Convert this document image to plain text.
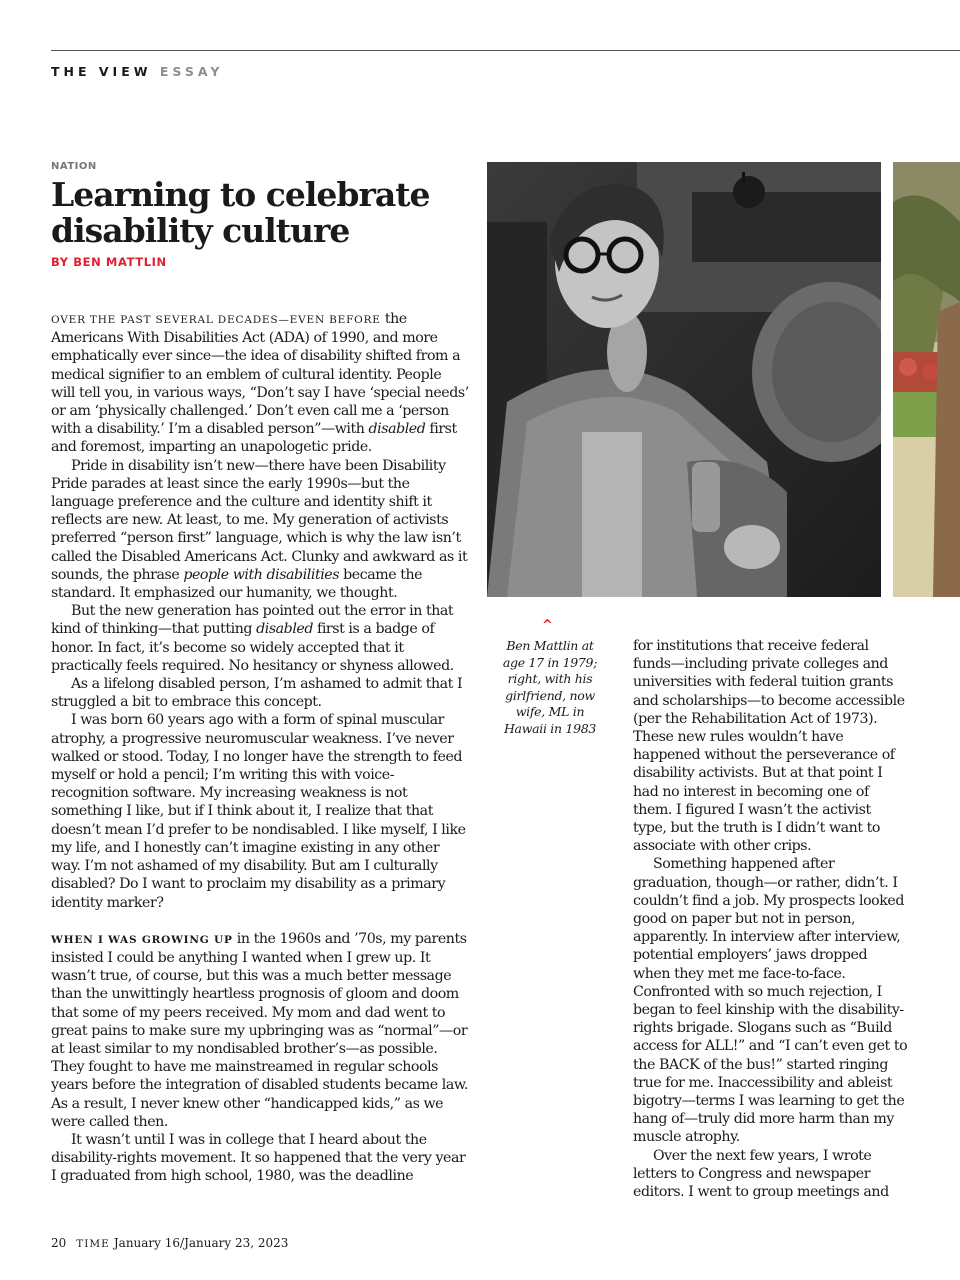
THE VIEW ESSAY
NATION
Learning to celebrate disability culture
BY BEN MATTLIN

OVER THE PAST SEVERAL DECADES—EVEN BEFORE the Americans With Disabilities Act (ADA) of 1990, and more emphatically ever since—the idea of disability shifted from a medical signifier to an emblem of cultural identity. People will tell you, in various ways, “Don’t say I have ‘special needs’ or am ‘physically challenged.’ Don’t even call me a ‘person with a disability.’ I’m a disabled person”—with disabled first and foremost, imparting an unapologetic pride.

Pride in disability isn’t new—there have been Disability Pride parades at least since the early 1990s—but the language preference and the culture and identity shift it reflects are new. At least, to me. My generation of activists preferred “person first” language, which is why the law isn’t called the Disabled Americans Act. Clunky and awkward as it sounds, the phrase people with disabilities became the standard. It emphasized our humanity, we thought.

But the new generation has pointed out the error in that kind of thinking—that putting disabled first is a badge of honor. In fact, it’s become so widely accepted that it practically feels required. No hesitancy or shyness allowed.

As a lifelong disabled person, I’m ashamed to admit that I struggled a bit to embrace this concept.

I was born 60 years ago with a form of spinal muscular atrophy, a progressive neuromuscular weakness. I’ve never walked or stood. Today, I no longer have the strength to feed myself or hold a pencil; I’m writing this with voice-recognition software. My increasing weakness is not something I like, but if I think about it, I realize that that doesn’t mean I’d prefer to be nondisabled. I like myself, I like my life, and I honestly can’t imagine existing in any other way. I’m not ashamed of my disability. But am I culturally disabled? Do I want to proclaim my disability as a primary identity marker?

WHEN I WAS GROWING UP in the 1960s and ’70s, my parents insisted I could be anything I wanted when I grew up. It wasn’t true, of course, but this was a much better message than the unwittingly heartless prognosis of gloom and doom that some of my peers received. My mom and dad went to great pains to make sure my upbringing was as “normal”—or at least similar to my nondisabled brother’s—as possible. They fought to have me mainstreamed in regular schools years before the integration of disabled students became law. As a result, I never knew other “handicapped kids,” as we were called then.

It wasn’t until I was in college that I heard about the disability-rights movement. It so happened that the very year I graduated from high school, 1980, was the deadline

^
Ben Mattlin at age 17 in 1979; right, with his girlfriend, now wife, ML in Hawaii in 1983

for institutions that receive federal funds—including private colleges and universities with federal tuition grants and scholarships—to become accessible (per the Rehabilitation Act of 1973). These new rules wouldn’t have happened without the perseverance of disability activists. But at that point I had no interest in becoming one of them. I figured I wasn’t the activist type, but the truth is I didn’t want to associate with other crips.

Something happened after graduation, though—or rather, didn’t. I couldn’t find a job. My prospects looked good on paper but not in person, apparently. In interview after interview, potential employers’ jaws dropped when they met me face-to-face. Confronted with so much rejection, I began to feel kinship with the disability-rights brigade. Slogans such as “Build access for ALL!” and “I can’t even get to the BACK of the bus!” started ringing true for me. Inaccessibility and ableist bigotry—terms I was learning to get the hang of—truly did more harm than my muscle atrophy.

Over the next few years, I wrote letters to Congress and newspaper editors. I went to group meetings and

20 TIME January 16/January 23, 2023
